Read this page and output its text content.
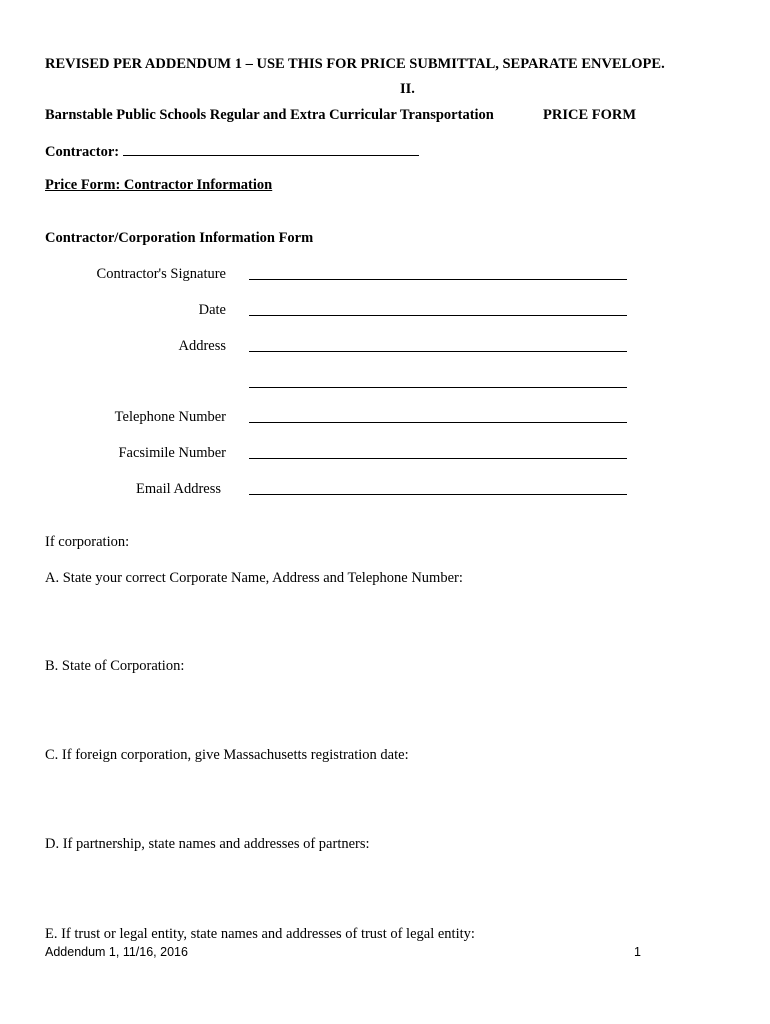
REVISED PER ADDENDUM 1 – USE THIS FOR PRICE SUBMITTAL, SEPARATE ENVELOPE.
II.
Barnstable Public Schools Regular and Extra Curricular Transportation	PRICE FORM
Contractor:
Price Form: Contractor Information
Contractor/Corporation Information Form
Contractor's Signature
Date
Address
Telephone Number
Facsimile Number
Email Address
If corporation:
A. State your correct Corporate Name, Address and Telephone Number:
B. State of Corporation:
C. If foreign corporation, give Massachusetts registration date:
D. If partnership, state names and addresses of partners:
E. If trust or legal entity, state names and addresses of trust of legal entity:
Addendum 1, 11/16, 2016	1
